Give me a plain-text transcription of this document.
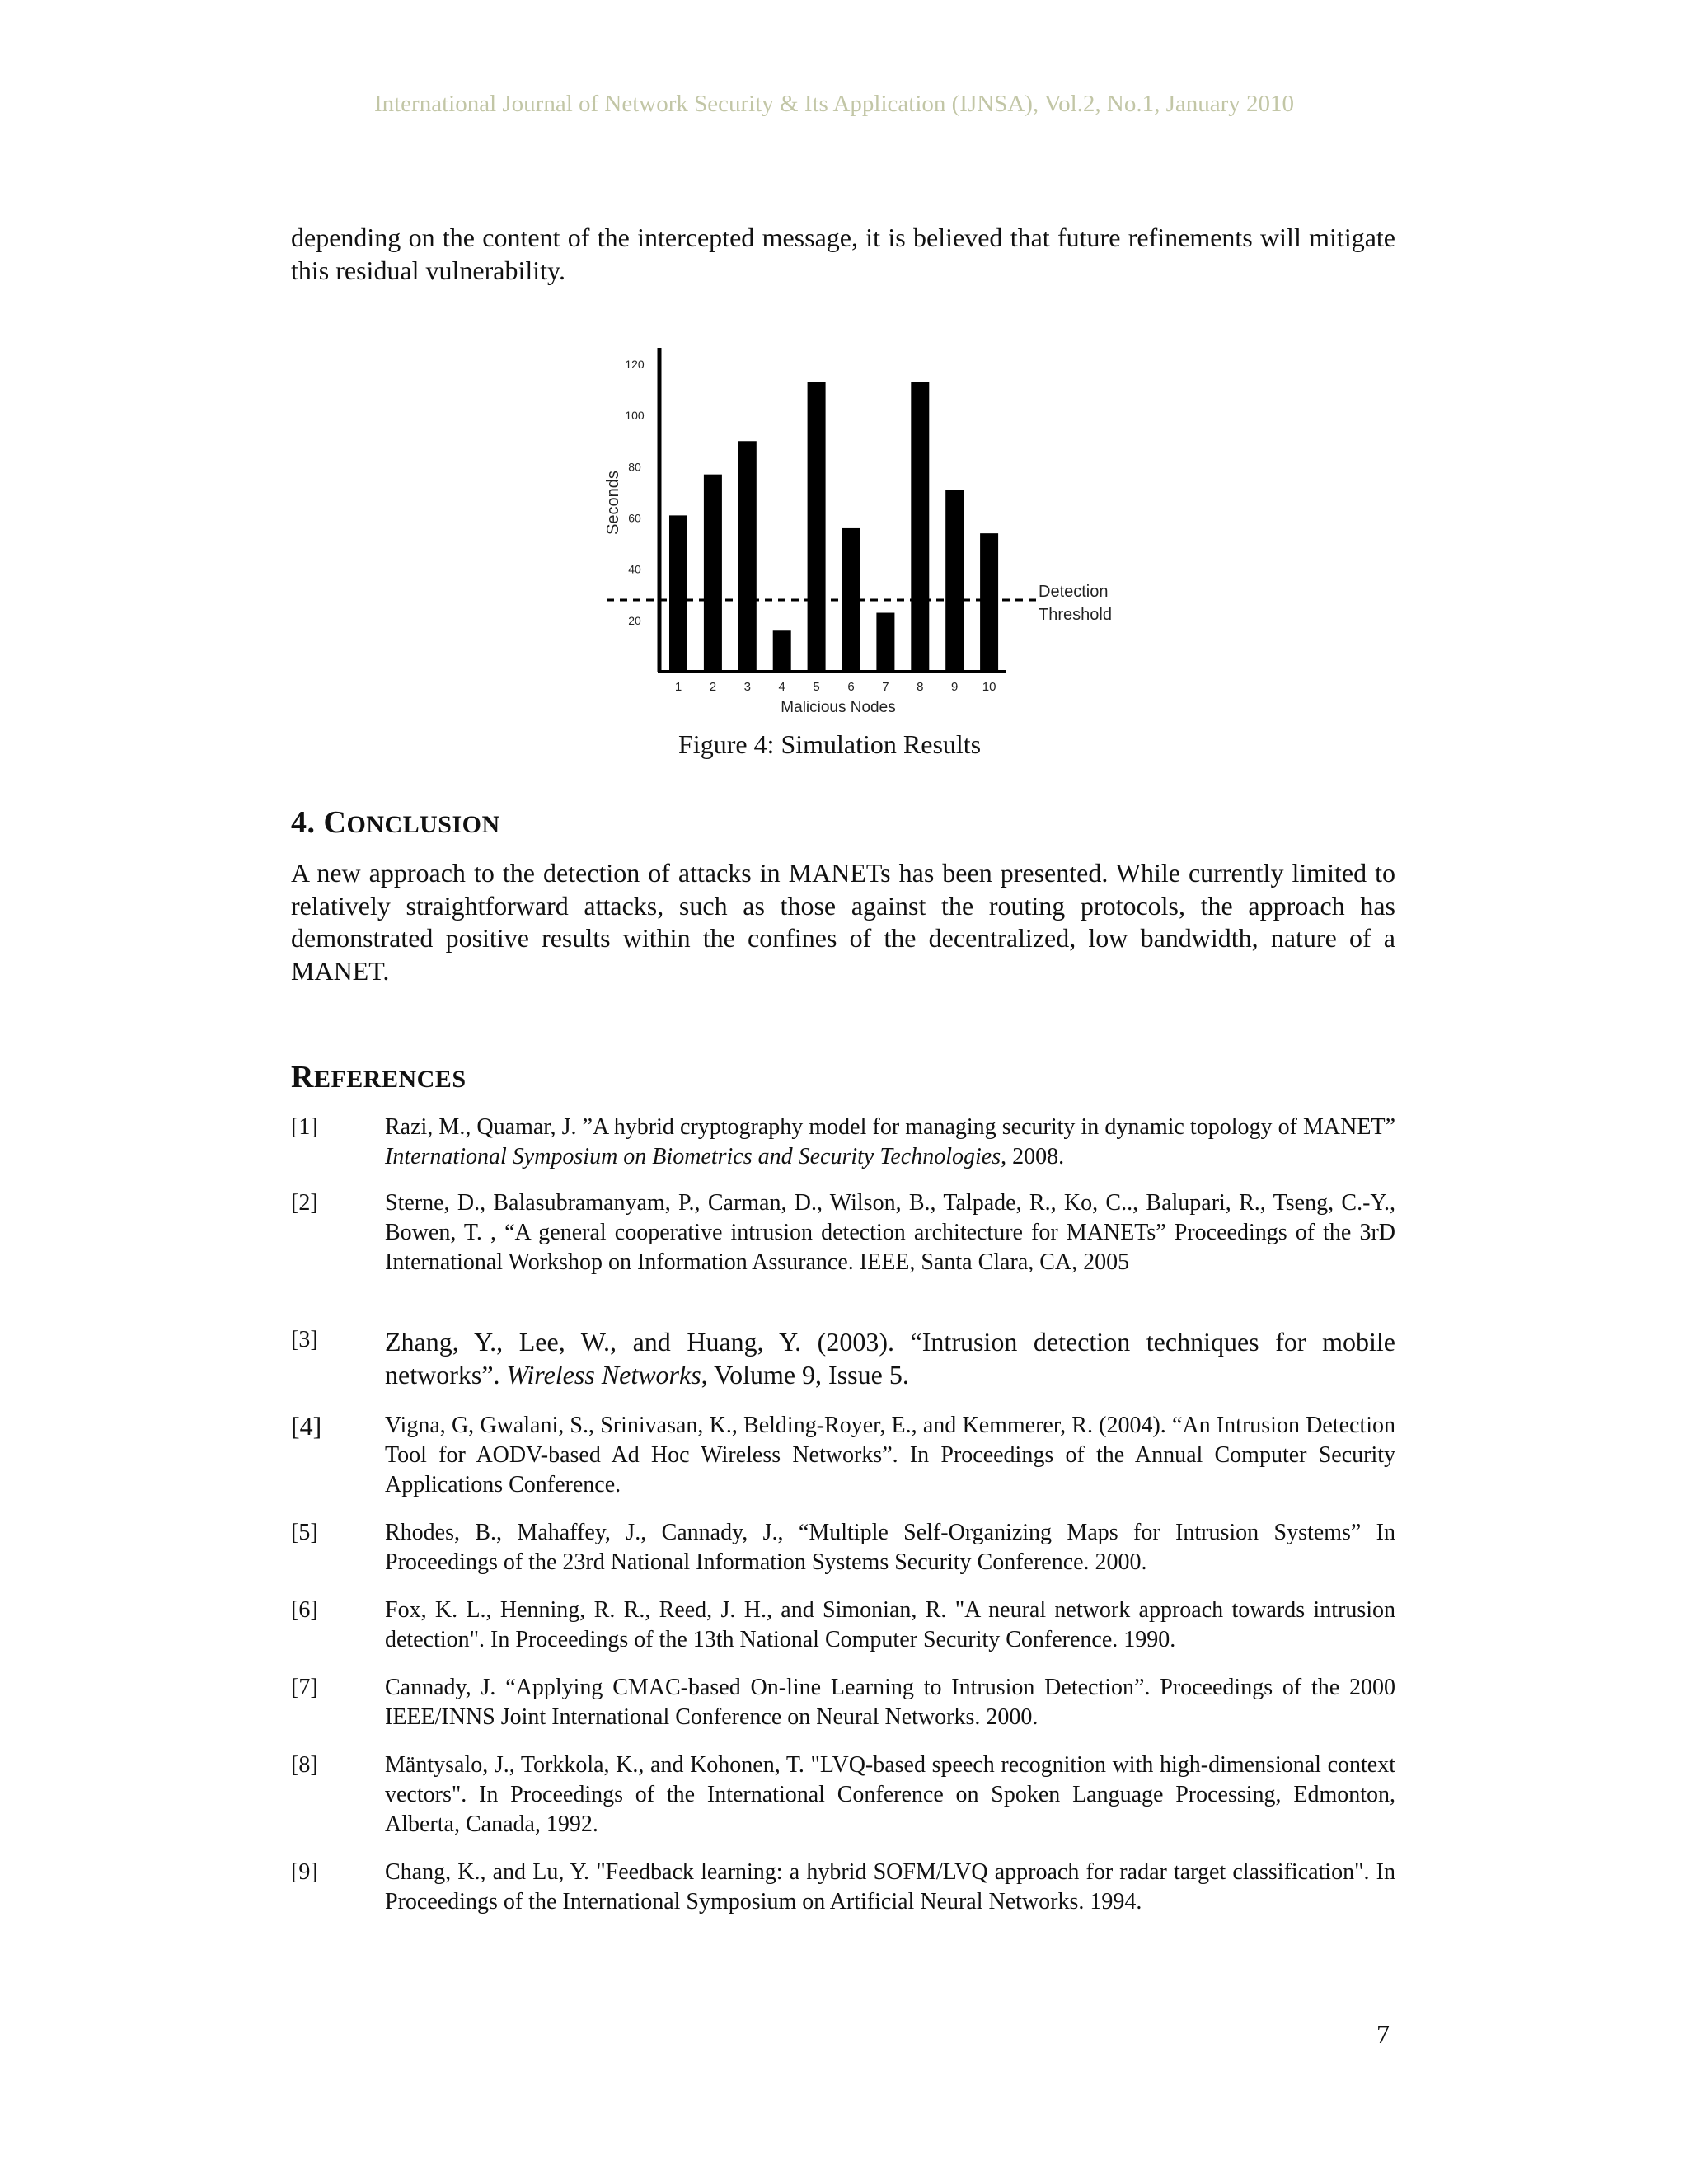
International Journal of Network Security & Its Application (IJNSA), Vol.2, No.1, January 2010

depending on the content of the intercepted message, it is believed that future refinements will mitigate this residual vulnerability.

20
40
60
80
100
120
1 2 3 4 5 6 7 8 9 10
Detection
Threshold
Seconds
Malicious Nodes
Figure 4: Simulation Results
4. CONCLUSION

A new approach to the detection of attacks in MANETs has been presented. While currently limited to relatively straightforward attacks, such as those against the routing protocols, the approach has demonstrated positive results within the confines of the decentralized, low bandwidth, nature of a MANET.

REFERENCES
[1]	Razi, M., Quamar, J. ”A hybrid cryptography model for managing security in dynamic topology of MANET” International Symposium on Biometrics and Security Technologies, 2008.
[2]	Sterne, D., Balasubramanyam, P., Carman, D., Wilson, B., Talpade, R., Ko, C.., Balupari, R., Tseng, C.-Y., Bowen, T. , “A general cooperative intrusion detection architecture for MANETs” Proceedings of the 3rD International Workshop on Information Assurance. IEEE, Santa Clara, CA, 2005
[3]	Zhang, Y., Lee, W., and Huang, Y. (2003). “Intrusion detection techniques for mobile networks”. Wireless Networks, Volume 9, Issue 5.
[4]	Vigna, G, Gwalani, S., Srinivasan, K., Belding-Royer, E., and Kemmerer, R. (2004). “An Intrusion Detection Tool for AODV-based Ad Hoc Wireless Networks”. In Proceedings of the Annual Computer Security Applications Conference.
[5]	Rhodes, B., Mahaffey, J., Cannady, J., “Multiple Self-Organizing Maps for Intrusion Systems” In Proceedings of the 23rd National Information Systems Security Conference. 2000.
[6]	Fox, K. L., Henning, R. R., Reed, J. H., and Simonian, R. "A neural network approach towards intrusion detection". In Proceedings of the 13th National Computer Security Conference. 1990.
[7]	Cannady, J. “Applying CMAC-based On-line Learning to Intrusion Detection”. Proceedings of the 2000 IEEE/INNS Joint International Conference on Neural Networks. 2000.
[8]	Mäntysalo, J., Torkkola, K., and Kohonen, T. "LVQ-based speech recognition with high-dimensional context vectors". In Proceedings of the International Conference on Spoken Language Processing, Edmonton, Alberta, Canada, 1992.
[9]	Chang, K., and Lu, Y. "Feedback learning: a hybrid SOFM/LVQ approach for radar target classification". In Proceedings of the International Symposium on Artificial Neural Networks. 1994.
7
